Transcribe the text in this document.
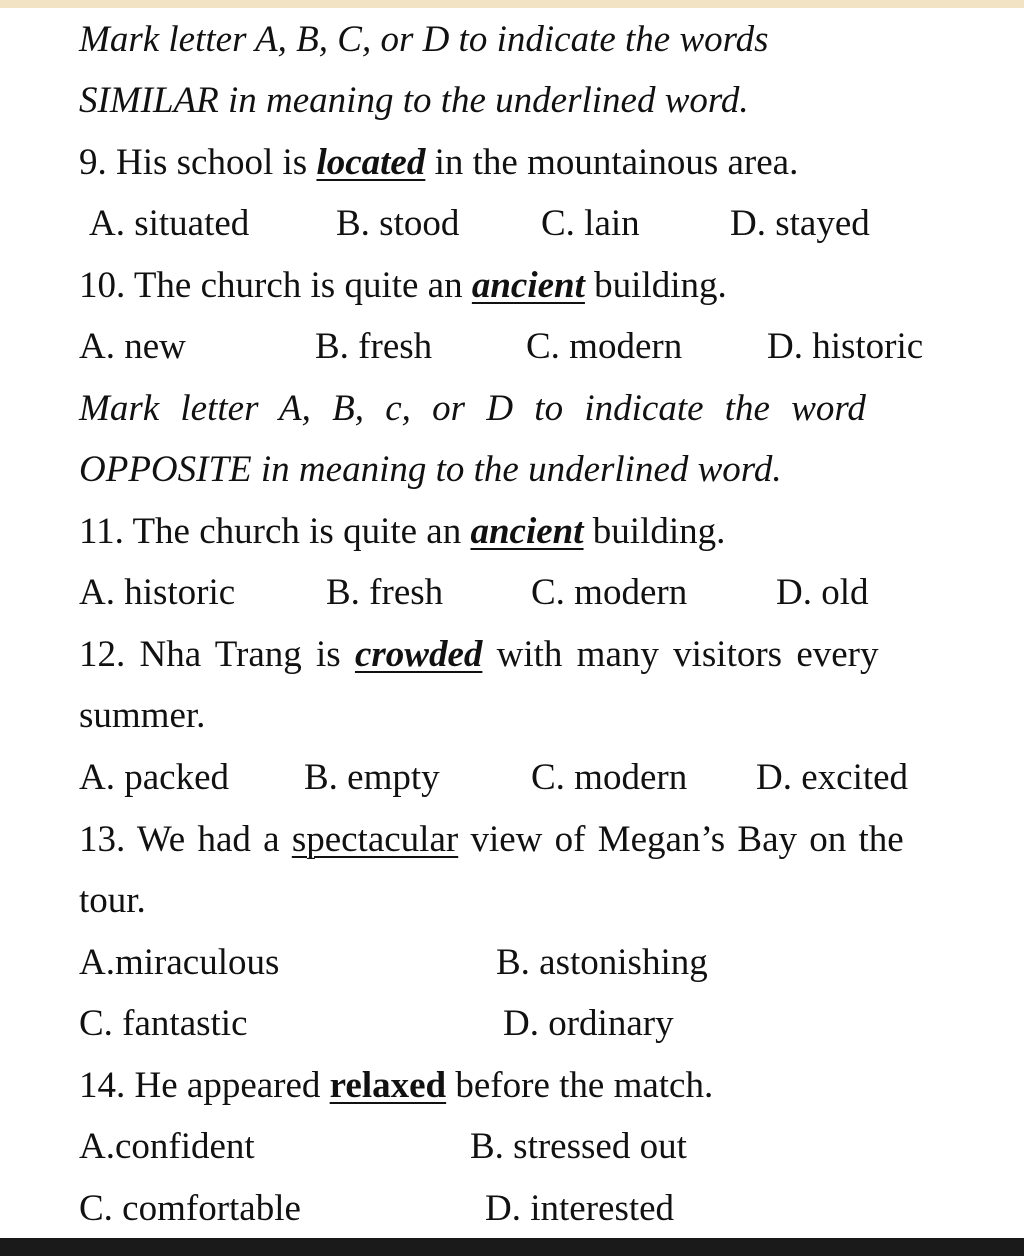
Mark letter A, B, C, or D to indicate the words
SIMILAR in meaning to the underlined word.
9. His school is located in the mountainous area.
A. situated B. stood C. lain D. stayed
10. The church is quite an ancient building.
A. new	B. fresh	C. modern D. historic
Mark letter A, B, c, or D to indicate the word
OPPOSITE in meaning to the underlined word.
11. The church is quite an ancient building.
A. historic B. fresh C. modern D. old
12. Nha Trang is crowded with many visitors every
summer.
A. packed B. empty C. modern D. excited
13. We had a spectacular view of Megan’s Bay on the
tour.
A.miraculous	B. astonishing
C. fantastic	D. ordinary
14. He appeared relaxed before the match.
A.confident	B. stressed out
C. comfortable	D. interested
